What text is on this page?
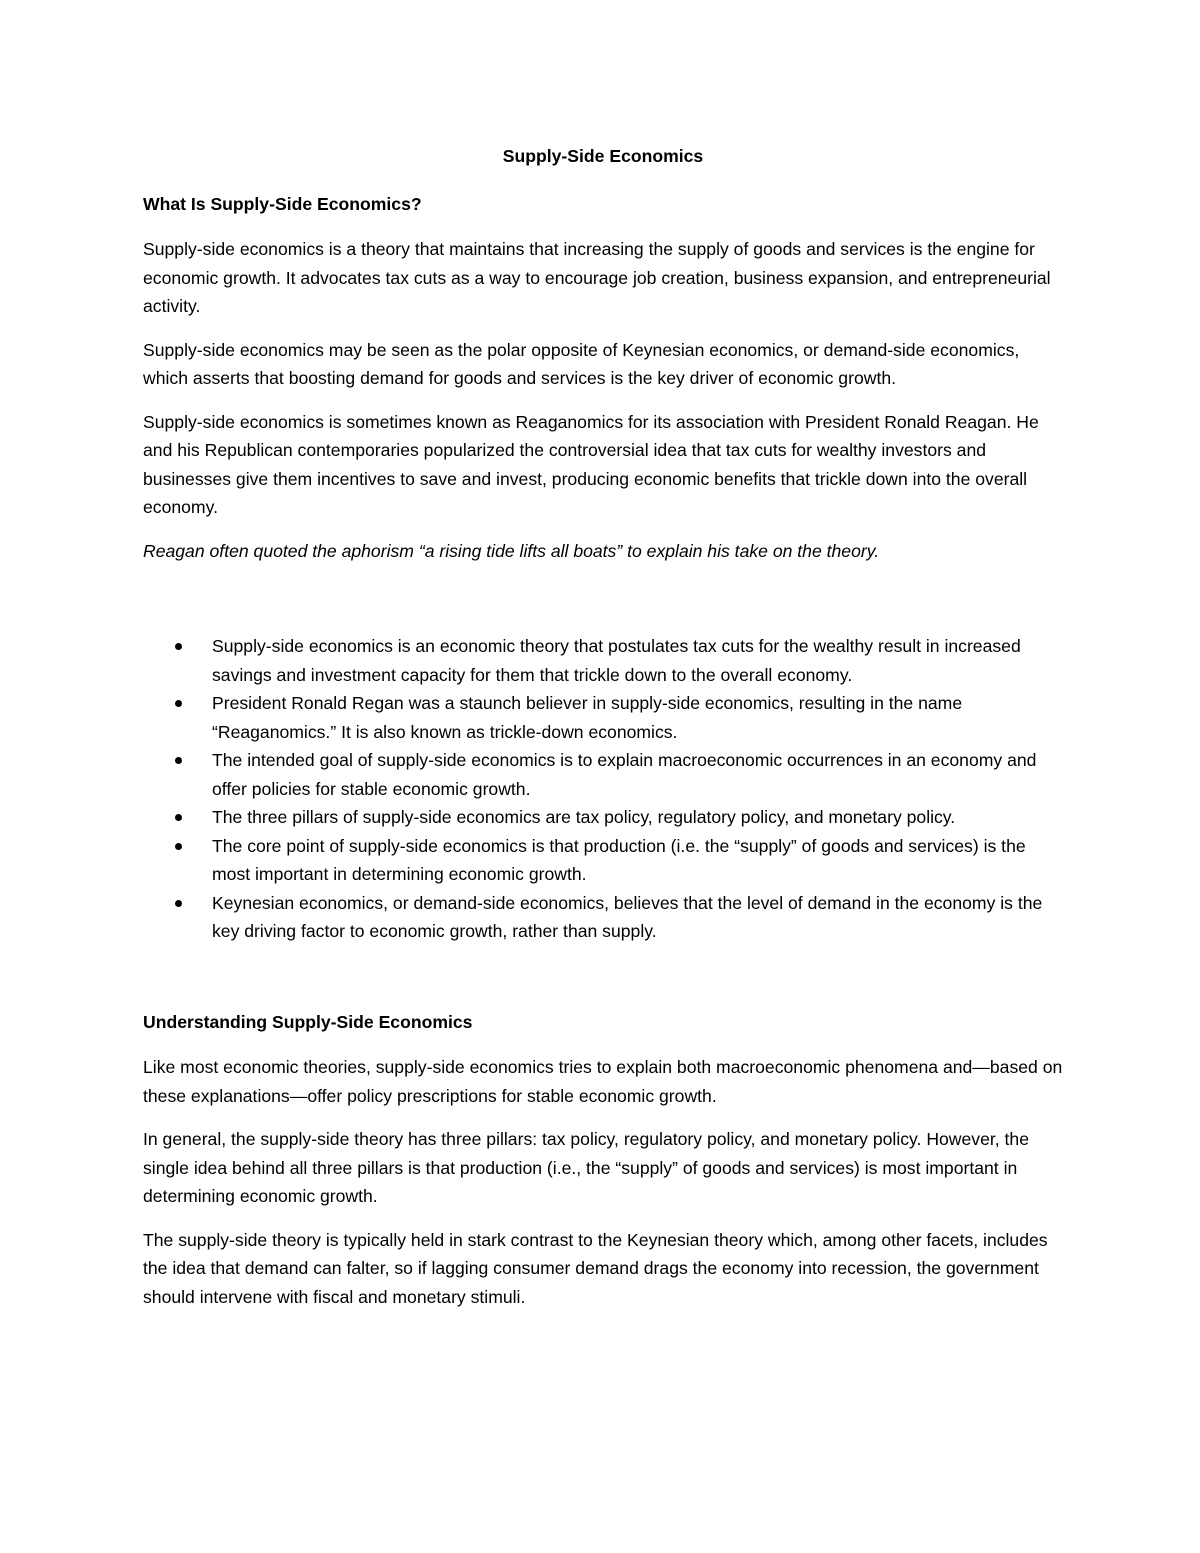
Supply-Side Economics
What Is Supply-Side Economics?

Supply-side economics is a theory that maintains that increasing the supply of goods and services is the engine for economic growth. It advocates tax cuts as a way to encourage job creation, business expansion, and entrepreneurial activity.

Supply-side economics may be seen as the polar opposite of Keynesian economics, or demand-side economics, which asserts that boosting demand for goods and services is the key driver of economic growth.

Supply-side economics is sometimes known as Reaganomics for its association with President Ronald Reagan. He and his Republican contemporaries popularized the controversial idea that tax cuts for wealthy investors and businesses give them incentives to save and invest, producing economic benefits that trickle down into the overall economy.

Reagan often quoted the aphorism “a rising tide lifts all boats” to explain his take on the theory.

Supply-side economics is an economic theory that postulates tax cuts for the wealthy result in increased savings and investment capacity for them that trickle down to the overall economy.
President Ronald Regan was a staunch believer in supply-side economics, resulting in the name “Reaganomics.” It is also known as trickle-down economics.
The intended goal of supply-side economics is to explain macroeconomic occurrences in an economy and offer policies for stable economic growth.
The three pillars of supply-side economics are tax policy, regulatory policy, and monetary policy.
The core point of supply-side economics is that production (i.e. the “supply” of goods and services) is the most important in determining economic growth.
Keynesian economics, or demand-side economics, believes that the level of demand in the economy is the key driving factor to economic growth, rather than supply.
Understanding Supply-Side Economics

Like most economic theories, supply-side economics tries to explain both macroeconomic phenomena and—based on these explanations—offer policy prescriptions for stable economic growth.

In general, the supply-side theory has three pillars: tax policy, regulatory policy, and monetary policy. However, the single idea behind all three pillars is that production (i.e., the “supply” of goods and services) is most important in determining economic growth.

The supply-side theory is typically held in stark contrast to the Keynesian theory which, among other facets, includes the idea that demand can falter, so if lagging consumer demand drags the economy into recession, the government should intervene with fiscal and monetary stimuli.
